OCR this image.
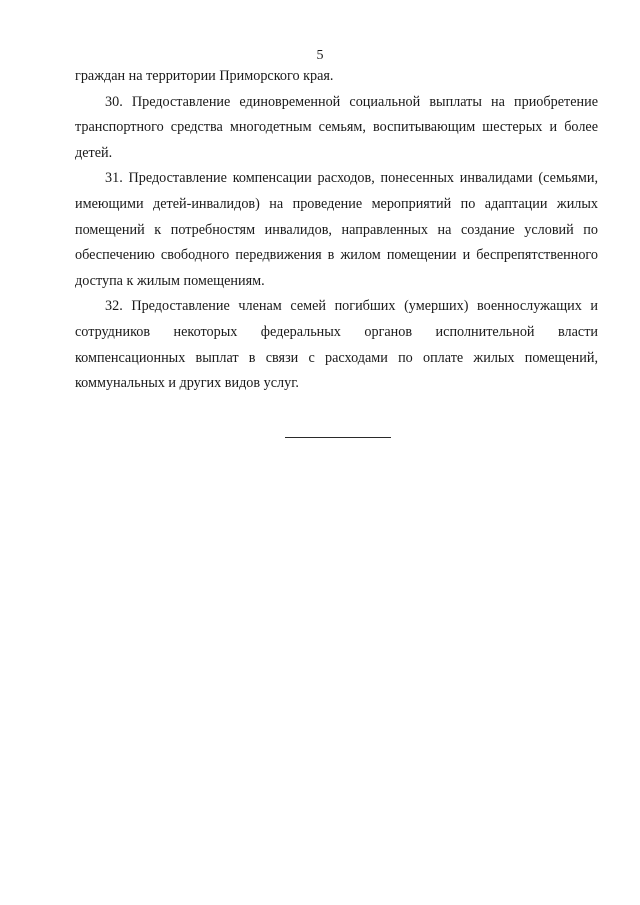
5

граждан на территории Приморского края.

30. Предоставление единовременной социальной выплаты на приобретение транспортного средства многодетным семьям, воспитывающим шестерых и более детей.

31. Предоставление компенсации расходов, понесенных инвалидами (семьями, имеющими детей-инвалидов) на проведение мероприятий по адаптации жилых помещений к потребностям инвалидов, направленных на создание условий по обеспечению свободного передвижения в жилом помещении и беспрепятственного доступа к жилым помещениям.

32. Предоставление членам семей погибших (умерших) военнослужащих и сотрудников некоторых федеральных органов исполнительной власти компенсационных выплат в связи с расходами по оплате жилых помещений, коммунальных и других видов услуг.
